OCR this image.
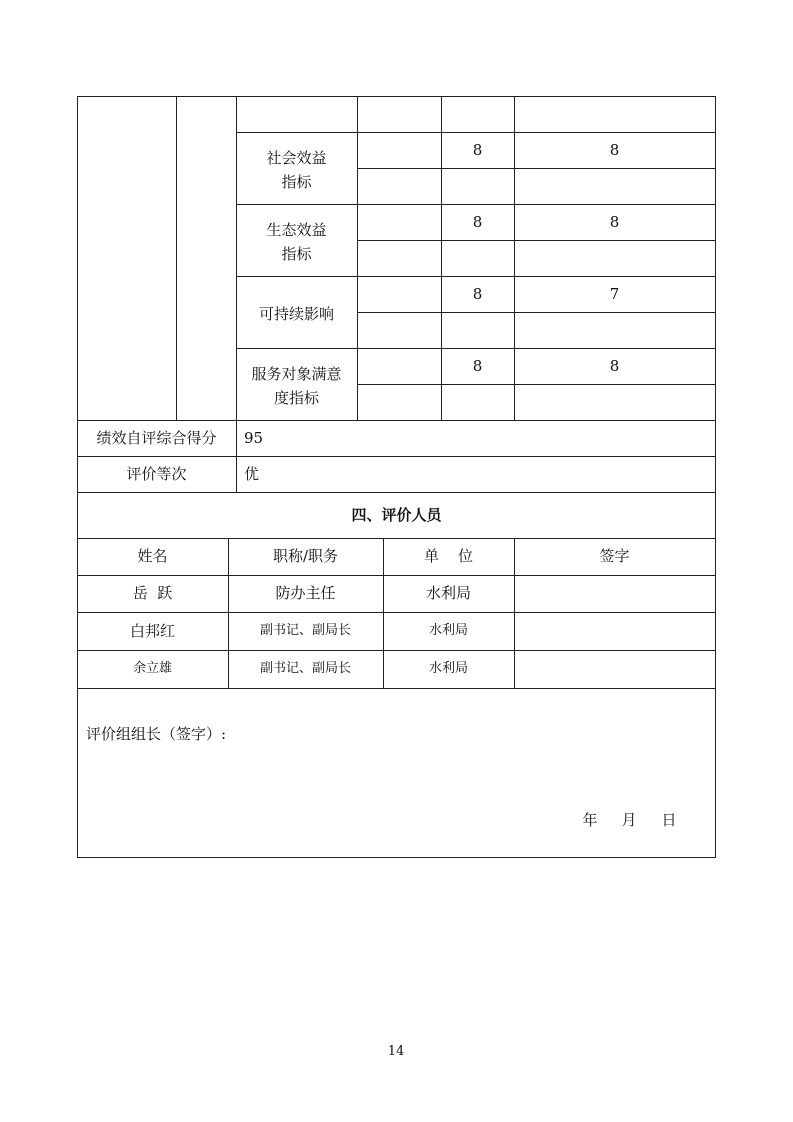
社会效益
指标
8	8
生态效益
指标
8	8
可持续影响
8	7
服务对象满意
度指标
8	8
绩效自评综合得分	95
评价等次	优
四、评价人员
姓名	职称/职务	单    位	签字
岳  跃	防办主任	水利局
白邦红	副书记、副局长	水利局
余立雄	副书记、副局长	水利局
评价组组长（签字）:
年 月 日
14
